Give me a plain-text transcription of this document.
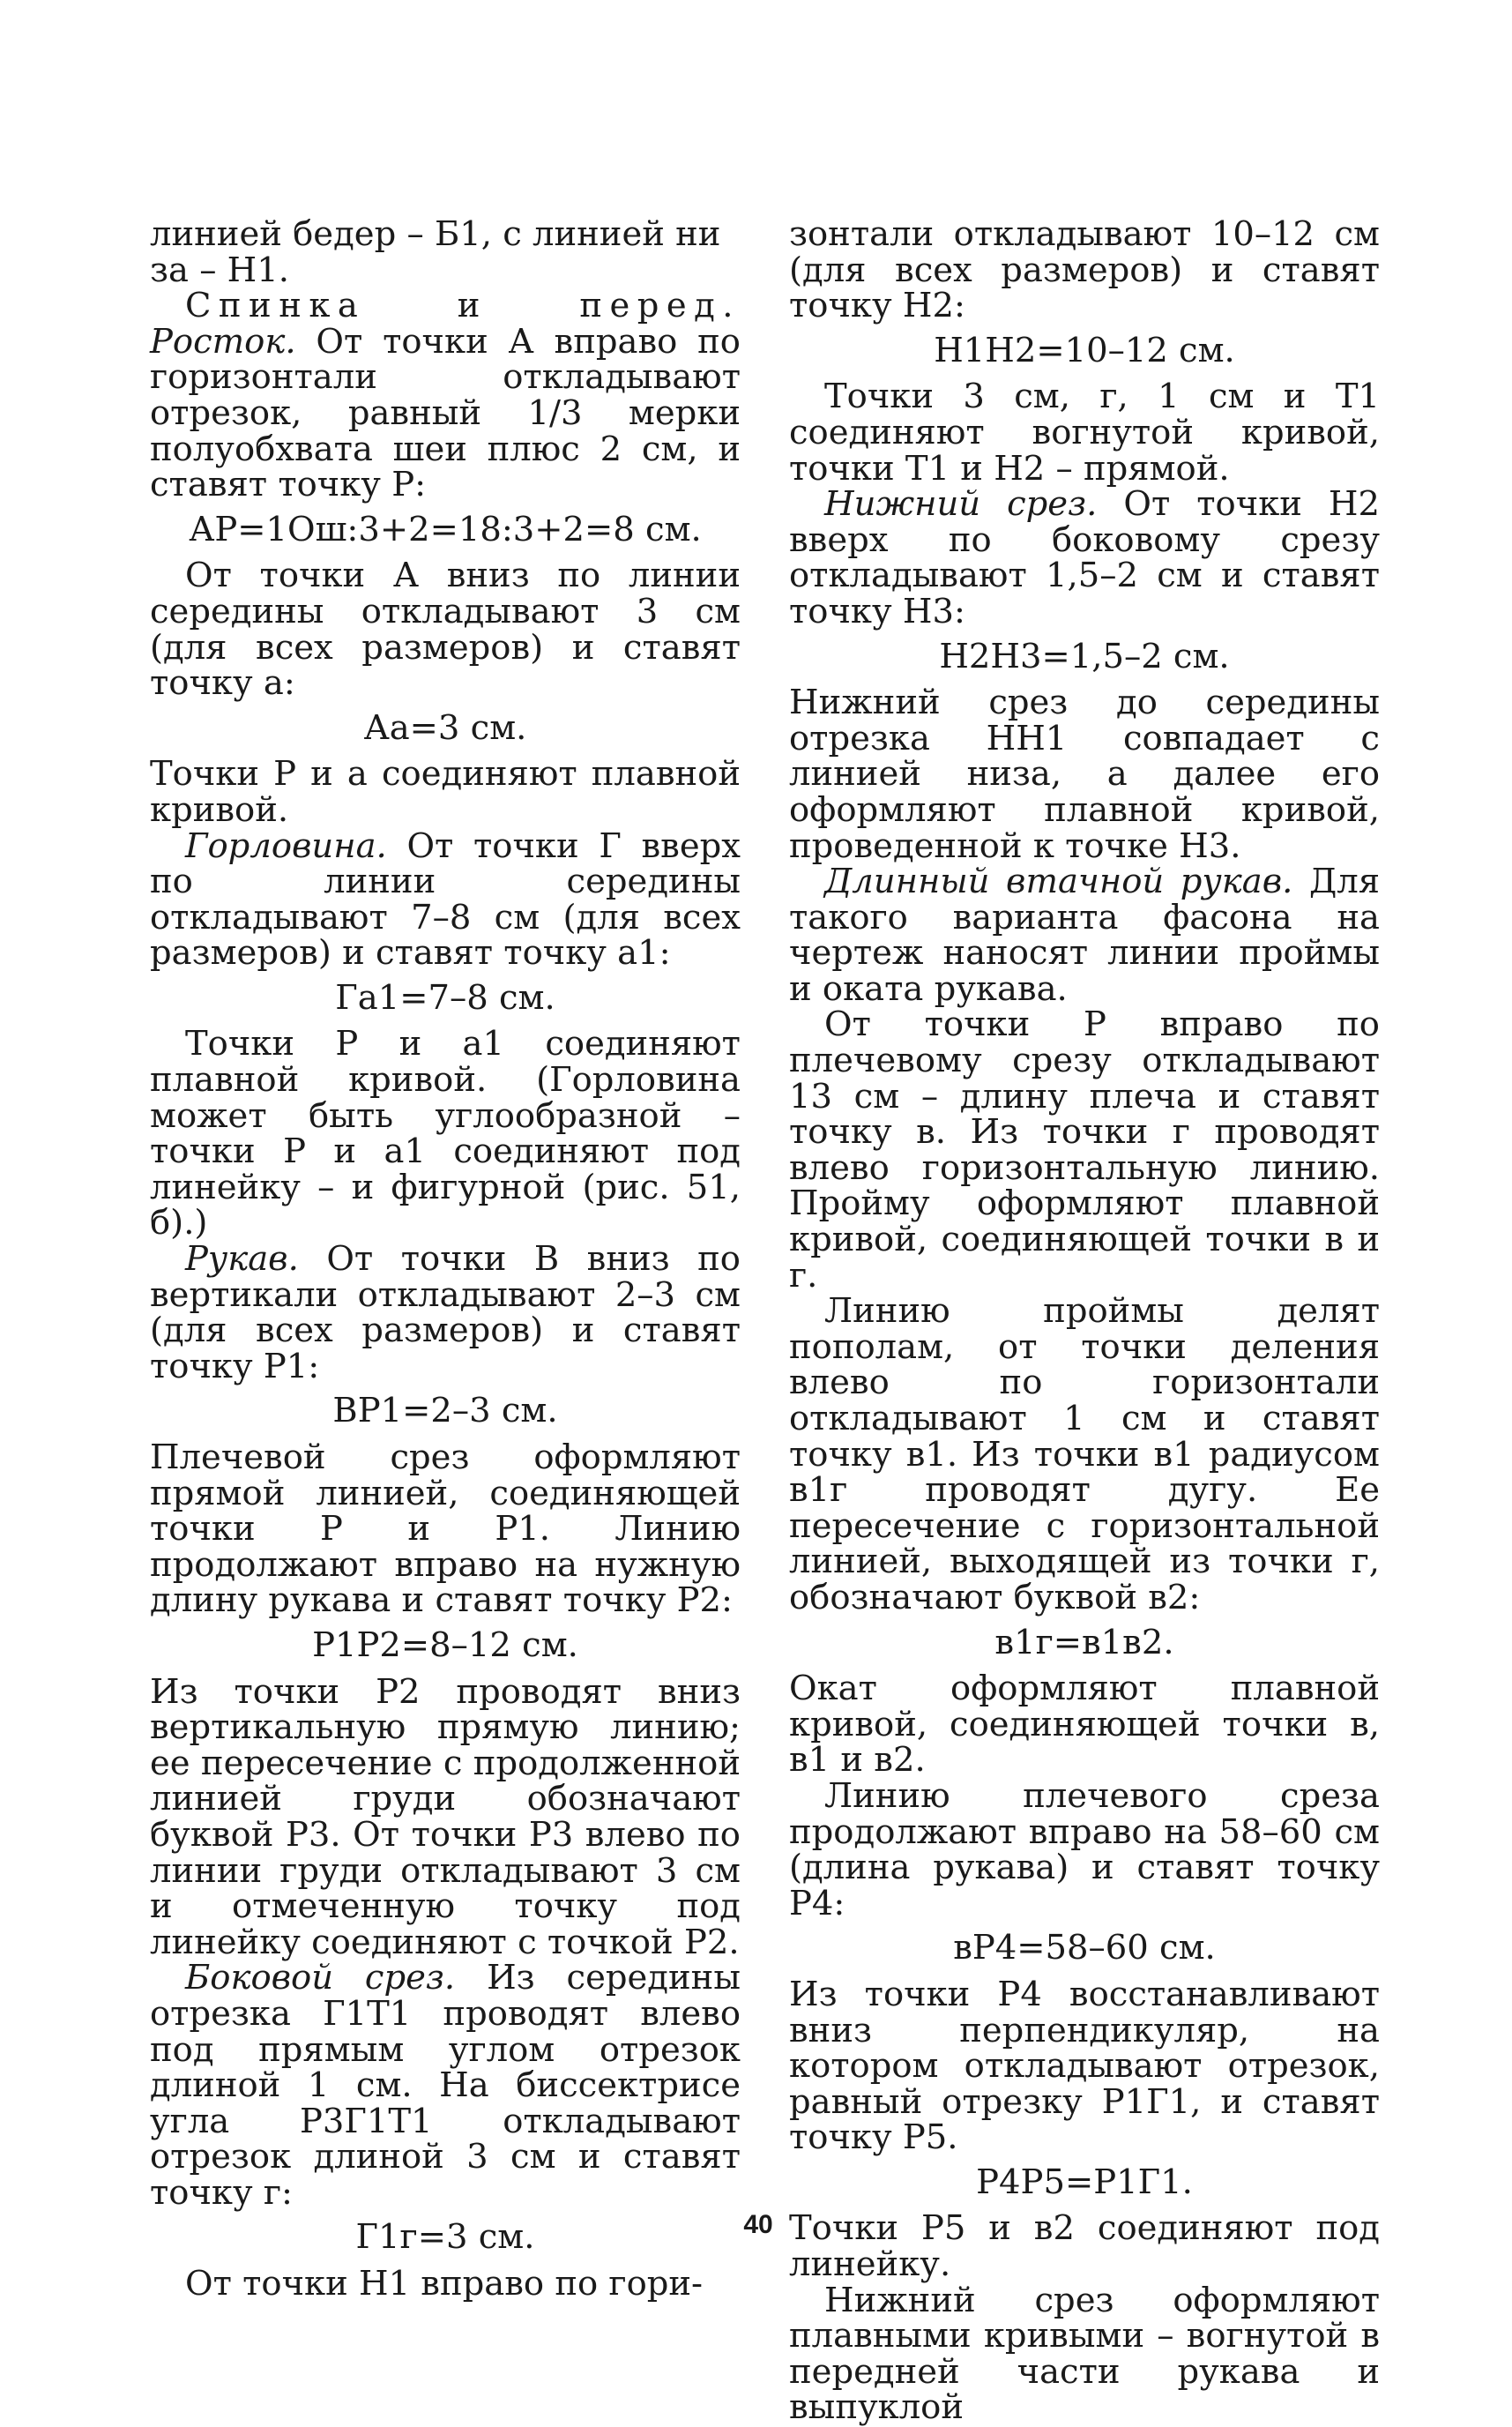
линией бедер – Б1, с линией ни
за – Н1.

Спинка и перед. Росток. От точки А вправо по горизонтали откладывают отрезок, равный 1/3 мерки полуобхвата шеи плюс 2 см, и ставят точку Р:

АР=1Ош:3+2=18:3+2=8 см.

От точки А вниз по линии середины откладывают 3 см (для всех размеров) и ставят точку а:

Аа=3 см.

Точки Р и а соединяют плавной кривой.

Горловина. От точки Г вверх по линии середины откладывают 7–8 см (для всех размеров) и ставят точку а1:

Га1=7–8 см.

Точки Р и а1 соединяют плавной кривой. (Горловина может быть углообразной – точки Р и а1 соединяют под линейку – и фигурной (рис. 51, б).)

Рукав. От точки В вниз по вертикали откладывают 2–3 см (для всех размеров) и ставят точку Р1:

ВР1=2–3 см.

Плечевой срез оформляют прямой линией, соединяющей точки Р и Р1. Линию продолжают вправо на нужную длину рукава и ставят точку Р2:

Р1Р2=8–12 см.

Из точки Р2 проводят вниз вертикальную прямую линию; ее пересечение с продолженной линией груди обозначают буквой Р3. От точки Р3 влево по линии груди откладывают 3 см и отмеченную точку под линейку соединяют с точкой Р2.

Боковой срез. Из середины отрезка Г1Т1 проводят влево под прямым углом отрезок длиной 1 см. На биссектрисе угла Р3Г1Т1 откладывают отрезок длиной 3 см и ставят точку г:

Г1г=3 см.

От точки Н1 вправо по гори-

зонтали откладывают 10–12 см (для всех размеров) и ставят точку Н2:

Н1Н2=10–12 см.

Точки 3 см, г, 1 см и Т1 соединяют вогнутой кривой, точки Т1 и Н2 – прямой.

Нижний срез. От точки Н2 вверх по боковому срезу откладывают 1,5–2 см и ставят точку Н3:

Н2Н3=1,5–2 см.

Нижний срез до середины отрезка НН1 совпадает с линией низа, а далее его оформляют плавной кривой, проведенной к точке Н3.

Длинный втачной рукав. Для такого варианта фасона на чертеж наносят линии проймы и оката рукава.

От точки Р вправо по плечевому срезу откладывают 13 см – длину плеча и ставят точку в. Из точки г проводят влево горизонтальную линию. Пройму оформляют плавной кривой, соединяющей точки в и г.

Линию проймы делят пополам, от точки деления влево по горизонтали откладывают 1 см и ставят точку в1. Из точки в1 радиусом в1г проводят дугу. Ее пересечение с горизонтальной линией, выходящей из точки г, обозначают буквой в2:

в1г=в1в2.

Окат оформляют плавной кривой, соединяющей точки в, в1 и в2.

Линию плечевого среза продолжают вправо на 58–60 см (длина рукава) и ставят точку Р4:

вР4=58–60 см.

Из точки Р4 восстанавливают вниз перпендикуляр, на котором откладывают отрезок, равный отрезку Р1Г1, и ставят точку Р5.

Р4Р5=Р1Г1.

Точки Р5 и в2 соединяют под линейку.

Нижний срез оформляют плавными кривыми – вогнутой в передней части рукава и выпуклой

40
